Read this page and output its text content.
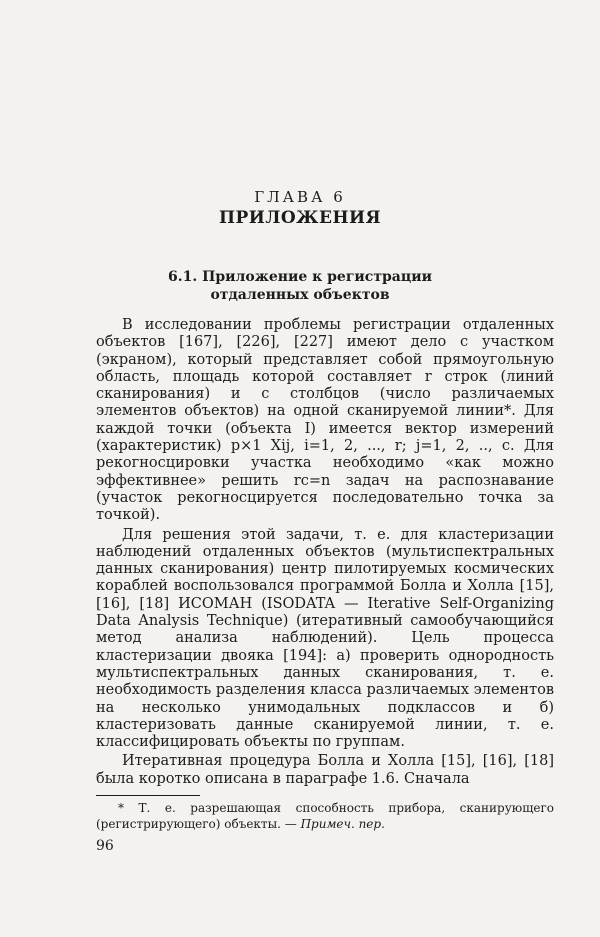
ГЛАВА 6
ПРИЛОЖЕНИЯ
6.1. Приложение к регистрации
отдаленных объектов

В исследовании проблемы регистрации отдаленных объектов [167], [226], [227] имеют дело с участком (экраном), который представляет собой прямоугольную область, площадь которой составляет r строк (линий сканирования) и c столбцов (число различаемых элементов объектов) на одной сканируемой линии*. Для каждой точки (объекта I) имеется вектор измерений (характеристик) p×1 Xij, i=1, 2, ..., r; j=1, 2, .., c. Для рекогносцировки участка необходимо «как можно эффективнее» решить rc=n задач на распознавание (участок рекогносцируется последовательно точка за точкой).

Для решения этой задачи, т. е. для кластеризации наблюдений отдаленных объектов (мультиспектральных данных сканирования) центр пилотируемых космических кораблей воспользовался программой Болла и Холла [15], [16], [18] ИСОМАН (ISODATA — Iterative Self-Organizing Data Analysis Technique) (итеративный самообучающийся метод анализа наблюдений). Цель процесса кластеризации двояка [194]: а) проверить однородность мультиспектральных данных сканирования, т. е. необходимость разделения класса различаемых элементов на несколько унимодальных подклассов и б) кластеризовать данные сканируемой линии, т. е. классифицировать объекты по группам.

Итеративная процедура Болла и Холла [15], [16], [18] была коротко описана в параграфе 1.6. Сначала

* Т. е. разрешающая способность прибора, сканирующего (регистрирующего) объекты. — Примеч. пер.
96
